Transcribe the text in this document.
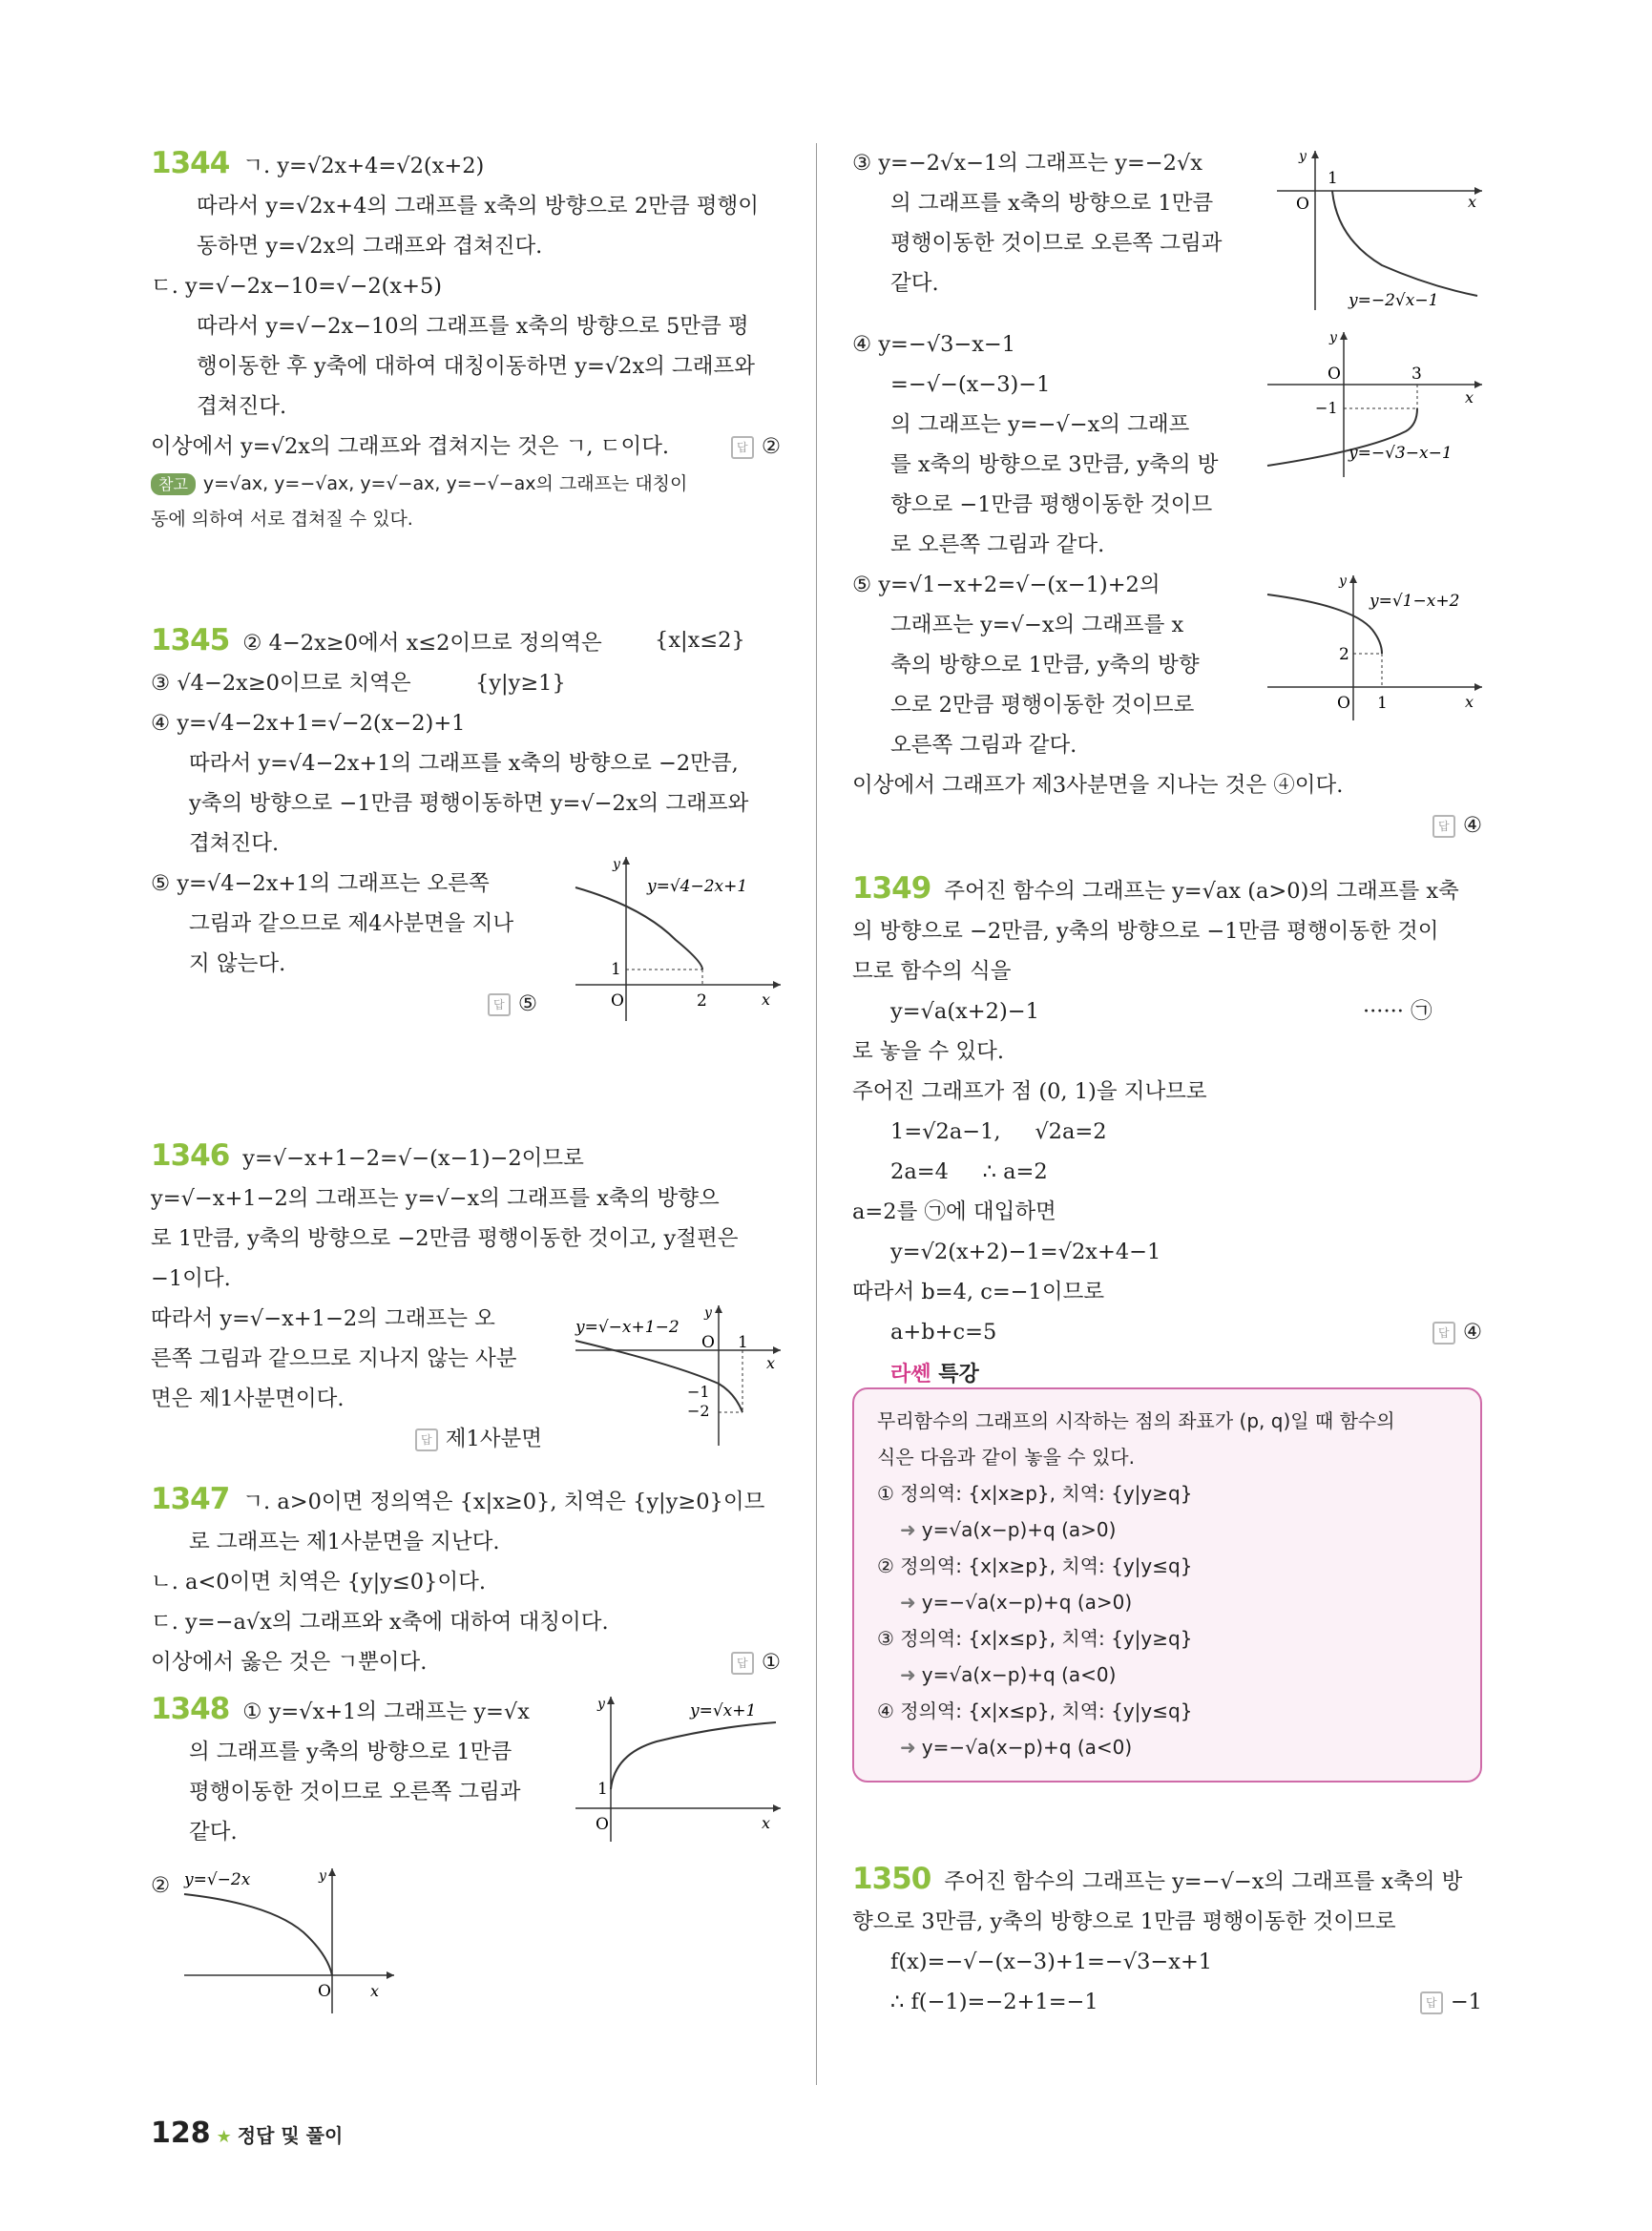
1344 ㄱ. y=√2x+4=√2(x+2)
따라서 y=√2x+4의 그래프를 x축의 방향으로 2만큼 평행이
동하면 y=√2x의 그래프와 겹쳐진다.
ㄷ. y=√−2x−10=√−2(x+5)
따라서 y=√−2x−10의 그래프를 x축의 방향으로 5만큼 평
행이동한 후 y축에 대하여 대칭이동하면 y=√2x의 그래프와
겹쳐진다.
이상에서 y=√2x의 그래프와 겹쳐지는 것은 ㄱ, ㄷ이다.	답 ②
참고 y=√ax, y=−√ax, y=√−ax, y=−√−ax의 그래프는 대칭이
동에 의하여 서로 겹쳐질 수 있다.
1345 ② 4−2x≥0에서 x≤2이므로 정의역은 {x|x≤2}
③ √4−2x≥0이므로 치역은	{y|y≥1}
④ y=√4−2x+1=√−2(x−2)+1
따라서 y=√4−2x+1의 그래프를 x축의 방향으로 −2만큼,
y축의 방향으로 −1만큼 평행이동하면 y=√−2x의 그래프와
겹쳐진다.
⑤ y=√4−2x+1의 그래프는 오른쪽
그림과 같으므로 제4사분면을 지나
지 않는다.
답 ⑤

y
x
O	2
1
y=√4−2x+1
1346 y=√−x+1−2=√−(x−1)−2이므로
y=√−x+1−2의 그래프는 y=√−x의 그래프를 x축의 방향으
로 1만큼, y축의 방향으로 −2만큼 평행이동한 것이고, y절편은
−1이다.
따라서 y=√−x+1−2의 그래프는 오
른쪽 그림과 같으므로 지나지 않는 사분
면은 제1사분면이다.
답 제1사분면

y
x
O 1
−1
−2
y=√−x+1−2
1347 ㄱ. a>0이면 정의역은 {x|x≥0}, 치역은 {y|y≥0}이므
로 그래프는 제1사분면을 지난다.
ㄴ. a<0이면 치역은 {y|y≤0}이다.
ㄷ. y=−a√x의 그래프와 x축에 대하여 대칭이다.
이상에서 옳은 것은 ㄱ뿐이다.	답 ①
1348 ① y=√x+1의 그래프는 y=√x
의 그래프를 y축의 방향으로 1만큼
평행이동한 것이므로 오른쪽 그림과
같다.
②
y
x
O
1
y=√x+1
y
x
O
y=√−2x
③ y=−2√x−1의 그래프는 y=−2√x
의 그래프를 x축의 방향으로 1만큼
평행이동한 것이므로 오른쪽 그림과
같다.
④ y=−√3−x−1
=−√−(x−3)−1
의 그래프는 y=−√−x의 그래프
를 x축의 방향으로 3만큼, y축의 방
향으로 −1만큼 평행이동한 것이므
로 오른쪽 그림과 같다.
⑤ y=√1−x+2=√−(x−1)+2의
그래프는 y=√−x의 그래프를 x
축의 방향으로 1만큼, y축의 방향
으로 2만큼 평행이동한 것이므로
오른쪽 그림과 같다.
이상에서 그래프가 제3사분면을 지나는 것은 ④이다.
답 ④

y
x
O
1
y=−2√x−1
y
x
O	3
−1
y=−√3−x−1
y
x
O 1
2
y=√1−x+2
1349 주어진 함수의 그래프는 y=√ax (a>0)의 그래프를 x축
의 방향으로 −2만큼, y축의 방향으로 −1만큼 평행이동한 것이
므로 함수의 식을
y=√a(x+2)−1	······ ㉠
로 놓을 수 있다.
주어진 그래프가 점 (0, 1)을 지나므로
1=√2a−1,     √2a=2
2a=4     ∴ a=2
a=2를 ㉠에 대입하면
y=√2(x+2)−1=√2x+4−1
따라서 b=4, c=−1이므로
a+b+c=5	답 ④
라쎈 특강
무리함수의 그래프의 시작하는 점의 좌표가 (p, q)일 때 함수의
식은 다음과 같이 놓을 수 있다.
① 정의역: {x|x≥p}, 치역: {y|y≥q}
➜ y=√a(x−p)+q (a>0)
② 정의역: {x|x≥p}, 치역: {y|y≤q}
➜ y=−√a(x−p)+q (a>0)
③ 정의역: {x|x≤p}, 치역: {y|y≥q}
➜ y=√a(x−p)+q (a<0)
④ 정의역: {x|x≤p}, 치역: {y|y≤q}
➜ y=−√a(x−p)+q (a<0)
1350 주어진 함수의 그래프는 y=−√−x의 그래프를 x축의 방
향으로 3만큼, y축의 방향으로 1만큼 평행이동한 것이므로
f(x)=−√−(x−3)+1=−√3−x+1
∴ f(−1)=−2+1=−1	답 −1
128 ★ 정답 및 풀이
